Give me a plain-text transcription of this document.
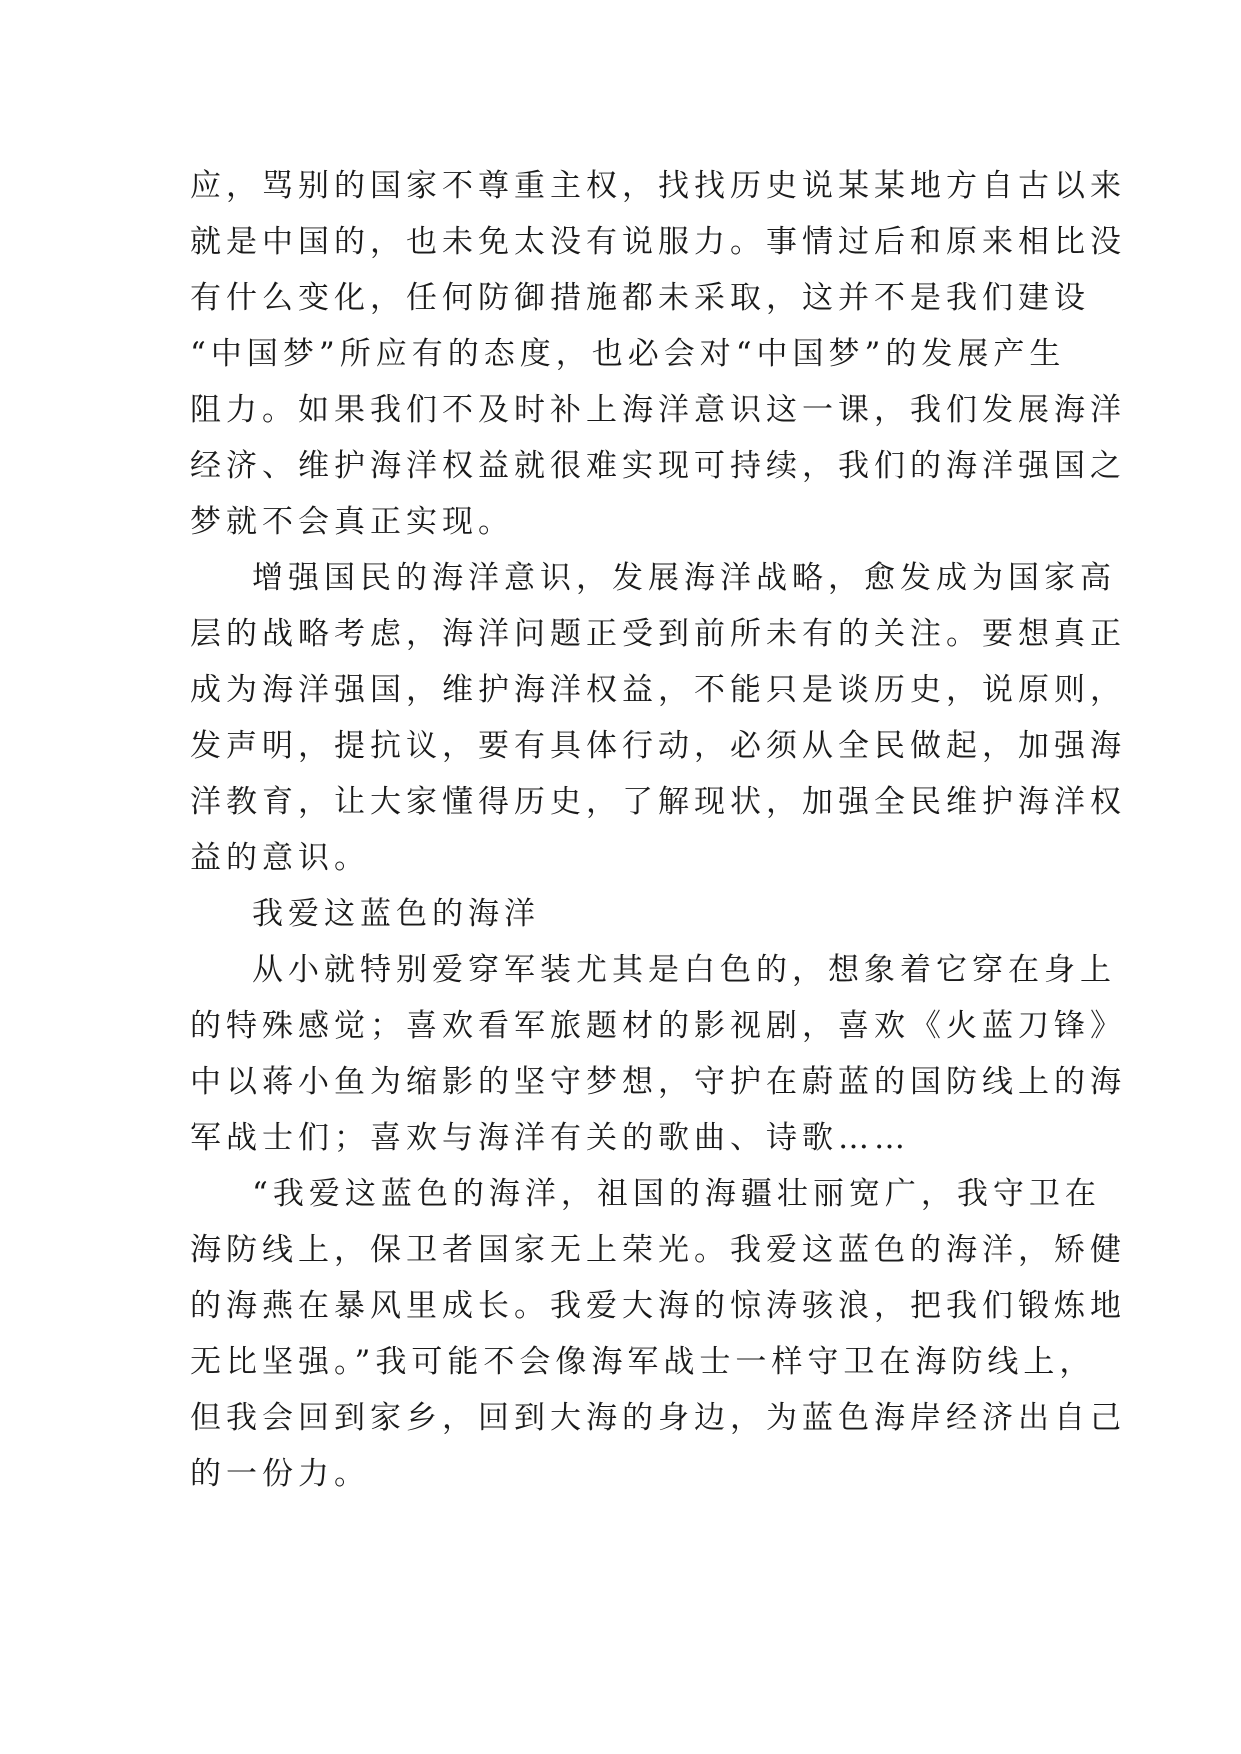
应，骂别的国家不尊重主权，找找历史说某某地方自古以来
就是中国的，也未免太没有说服力。事情过后和原来相比没
有什么变化，任何防御措施都未采取，这并不是我们建设
“中国梦”所应有的态度，也必会对“中国梦”的发展产生
阻力。如果我们不及时补上海洋意识这一课，我们发展海洋
经济、维护海洋权益就很难实现可持续，我们的海洋强国之
梦就不会真正实现。

增强国民的海洋意识，发展海洋战略，愈发成为国家高
层的战略考虑，海洋问题正受到前所未有的关注。要想真正
成为海洋强国，维护海洋权益，不能只是谈历史，说原则，
发声明，提抗议，要有具体行动，必须从全民做起，加强海
洋教育，让大家懂得历史，了解现状，加强全民维护海洋权
益的意识。

我爱这蓝色的海洋

从小就特别爱穿军装尤其是白色的，想象着它穿在身上
的特殊感觉；喜欢看军旅题材的影视剧，喜欢《火蓝刀锋》
中以蒋小鱼为缩影的坚守梦想，守护在蔚蓝的国防线上的海
军战士们；喜欢与海洋有关的歌曲、诗歌……

“我爱这蓝色的海洋，祖国的海疆壮丽宽广，我守卫在
海防线上，保卫者国家无上荣光。我爱这蓝色的海洋，矫健
的海燕在暴风里成长。我爱大海的惊涛骇浪，把我们锻炼地
无比坚强。”我可能不会像海军战士一样守卫在海防线上，
但我会回到家乡，回到大海的身边，为蓝色海岸经济出自己
的一份力。
